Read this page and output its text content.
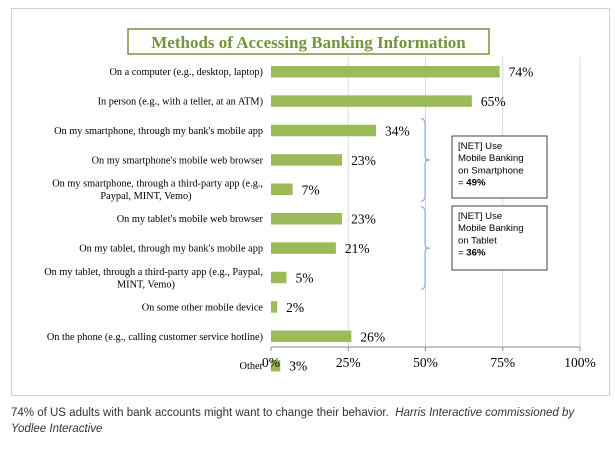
Methods of Accessing Banking Information
74%
65%
34%
23%
7%
23%
21%
5%
2%
26%
3%
On a computer (e.g., desktop, laptop)
In person (e.g., with a teller, at an ATM)
On my smartphone, through my bank's mobile app
On my smartphone's mobile web browser
On my smartphone, through a third-party app (e.g., Paypal, MINT, Vemo)
On my tablet's mobile web browser
On my tablet, through my bank's mobile app
On my tablet, through a third-party app (e.g., Paypal, MINT, Vemo)
On some other mobile device
On the phone (e.g., calling customer service hotline)
Other 0%	25%	50%	75%	100%
[NET] Use Mobile Banking on Smartphone = 49%
[NET] Use Mobile Banking on Tablet = 36%

74% of US adults with bank accounts might want to change their behavior. Harris Interactive commissioned by Yodlee Interactive
